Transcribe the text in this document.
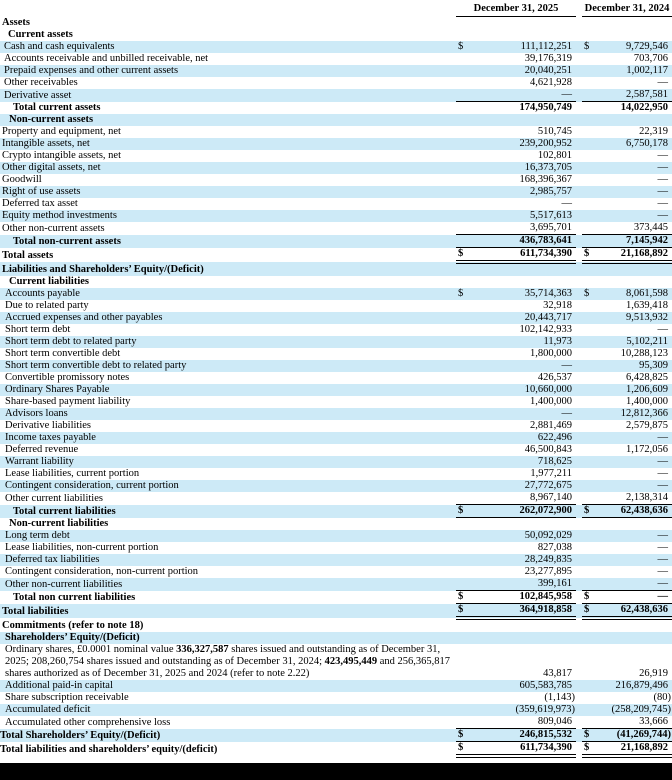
	December 31, 2025			December 31, 2024	
Assets					
Current assets					
Cash and cash equivalents	$	111,112,251		$	9,729,546
Accounts receivable and unbilled receivable, net		39,176,319			703,706
Prepaid expenses and other current assets		20,040,251			1,002,117
Other receivables		4,621,928			—
Derivative asset		—			2,587,581
Total current assets		174,950,749			14,022,950
Non-current assets					
Property and equipment, net		510,745			22,319
Intangible assets, net		239,200,952			6,750,178
Crypto intangible assets, net		102,801			—
Other digital assets, net		16,373,705			—
Goodwill		168,396,367			—
Right of use assets		2,985,757			—
Deferred tax asset		—			—
Equity method investments		5,517,613			—
Other non-current assets		3,695,701			373,445
Total non-current assets		436,783,641			7,145,942
Total assets	$	611,734,390		$	21,168,892
Liabilities and Shareholders’ Equity/(Deficit)					
Current liabilities					
Accounts payable	$	35,714,363		$	8,061,598
Due to related party		32,918			1,639,418
Accrued expenses and other payables		20,443,717			9,513,932
Short term debt		102,142,933			—
Short term debt to related party		11,973			5,102,211
Short term convertible debt		1,800,000			10,288,123
Short term convertible debt to related party		—			95,309
Convertible promissory notes		426,537			6,428,825
Ordinary Shares Payable		10,660,000			1,206,609
Share-based payment liability		1,400,000			1,400,000
Advisors loans		—			12,812,366
Derivative liabilities		2,881,469			2,579,875
Income taxes payable		622,496			—
Deferred revenue		46,500,843			1,172,056
Warrant liability		718,625			—
Lease liabilities, current portion		1,977,211			—
Contingent consideration, current portion		27,772,675			—
Other current liabilities		8,967,140			2,138,314
Total current liabilities	$	262,072,900		$	62,438,636
Non-current liabilities					
Long term debt		50,092,029			—
Lease liabilities, non-current portion		827,038			—
Deferred tax liabilities		28,249,835			—
Contingent consideration, non-current portion		23,277,895			—
Other non-current liabilities		399,161			—
Total non current liabilities	$	102,845,958		$	—
Total liabilities	$	364,918,858		$	62,438,636
Commitments (refer to note 18)					
Shareholders’ Equity/(Deficit)					
Ordinary shares, £0.0001 nominal value 336,327,587 shares issued and outstanding as of December 31, 2025; 208,260,754 shares issued and outstanding as of December 31, 2024; 423,495,449 and 256,365,817 shares authorized as of December 31, 2025 and 2024 (refer to note 2.22)		43,817			26,919
Additional paid-in capital		605,583,785			216,879,496
Share subscription receivable		(1,143)			(80)
Accumulated deficit		(359,619,973)			(258,209,745)
Accumulated other comprehensive loss		809,046			33,666
Total Shareholders’ Equity/(Deficit)	$	246,815,532		$	(41,269,744)
Total liabilities and shareholders’ equity/(deficit)	$	611,734,390		$	21,168,892
